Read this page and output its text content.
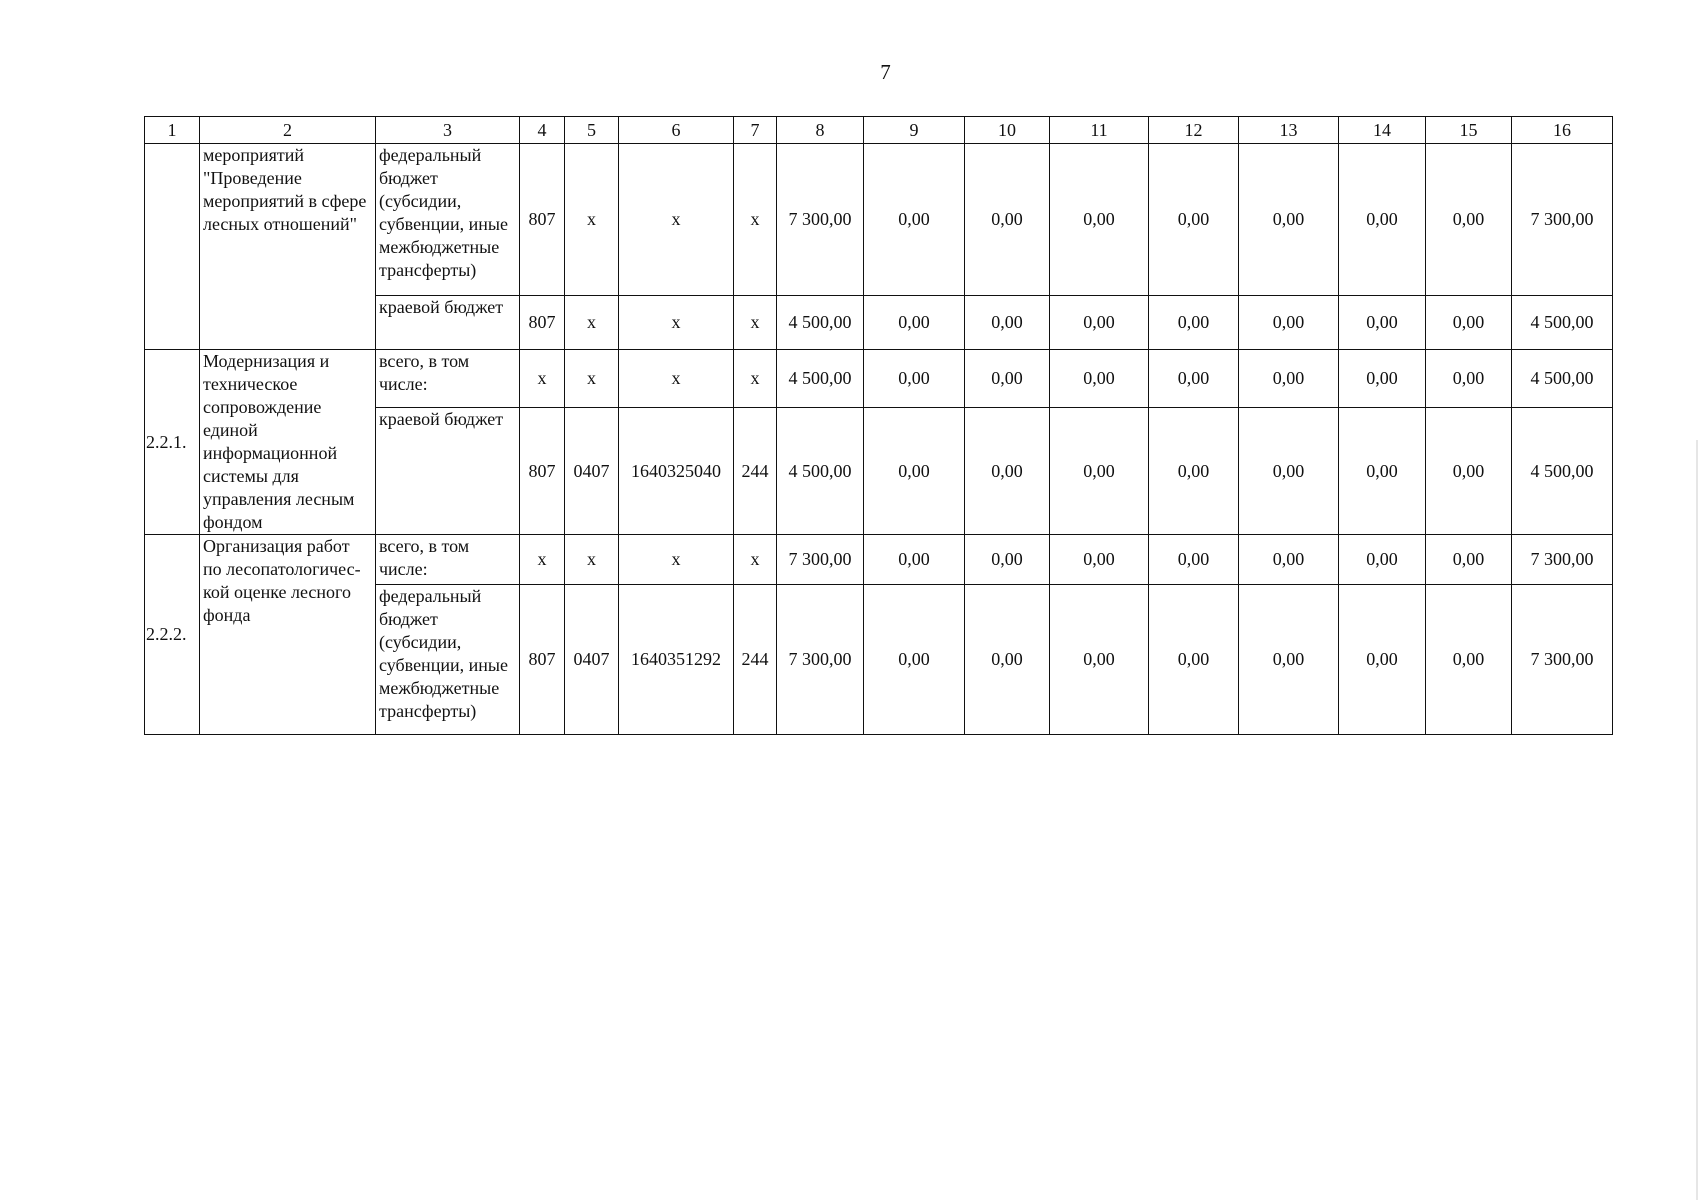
7
1	2	3	4	5	6	7	8	9	10	11	12	13	14	15	16
	мероприятий "Проведение мероприятий в сфере лесных отношений"	федеральный бюджет (субсидии, субвенции, иные межбюджетные трансферты)	807	x	x	x	7 300,00	0,00	0,00	0,00	0,00	0,00	0,00	0,00	7 300,00
		краевой бюджет	807	x	x	x	4 500,00	0,00	0,00	0,00	0,00	0,00	0,00	0,00	4 500,00
2.2.1.	Модернизация и техническое сопровождение единой информационной системы для управления лесным фондом	всего, в том числе:	x	x	x	x	4 500,00	0,00	0,00	0,00	0,00	0,00	0,00	0,00	4 500,00
		краевой бюджет	807	0407	1640325040	244	4 500,00	0,00	0,00	0,00	0,00	0,00	0,00	0,00	4 500,00
2.2.2.	Организация работ по лесопатологичес-кой оценке лесного фонда	всего, в том числе:	x	x	x	x	7 300,00	0,00	0,00	0,00	0,00	0,00	0,00	0,00	7 300,00
		федеральный бюджет (субсидии, субвенции, иные межбюджетные трансферты)	807	0407	1640351292	244	7 300,00	0,00	0,00	0,00	0,00	0,00	0,00	0,00	7 300,00
